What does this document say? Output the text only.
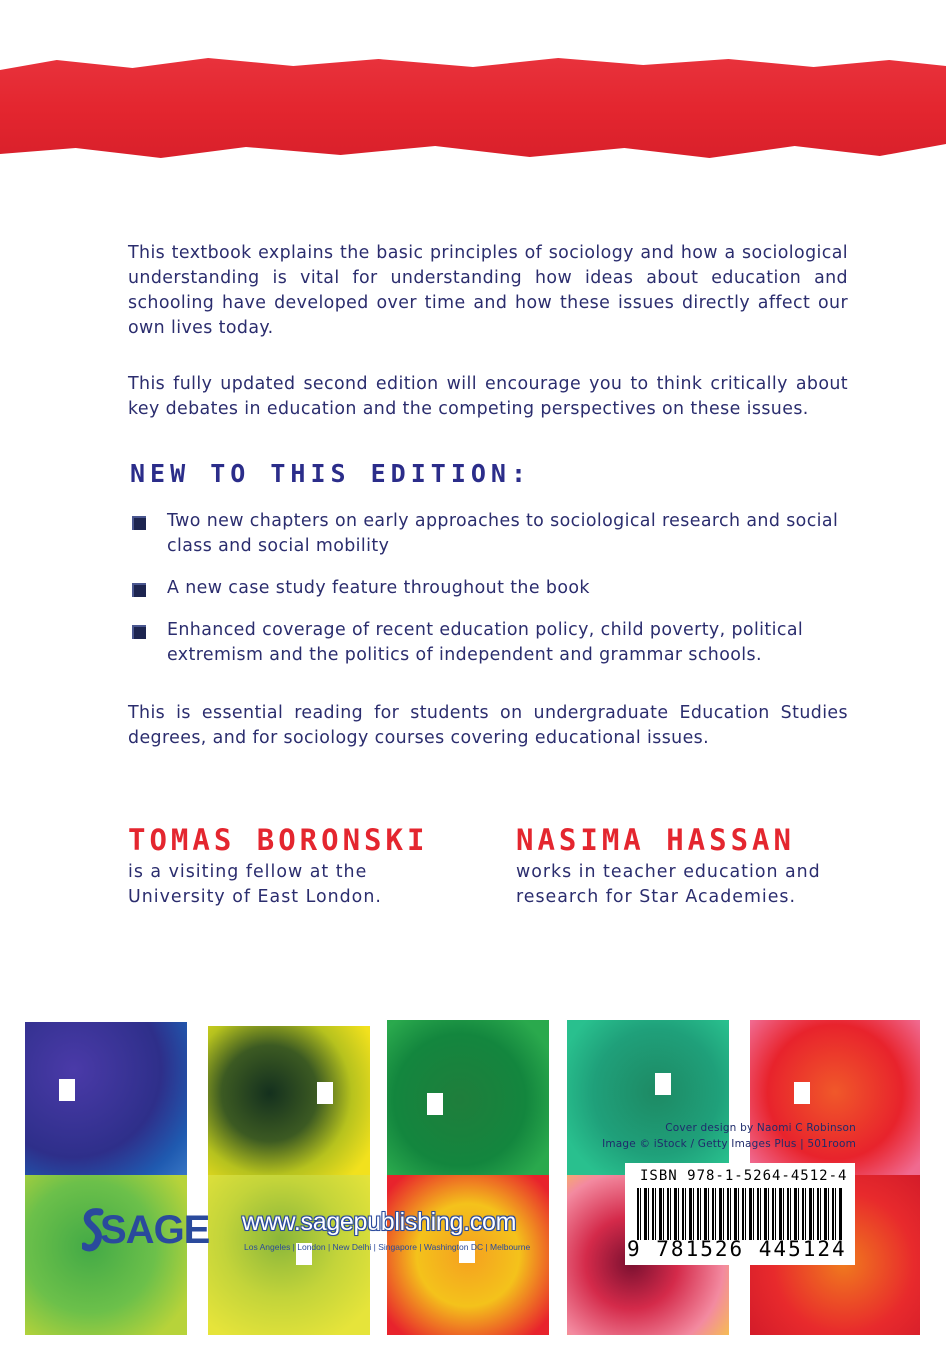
This textbook explains the basic principles of sociology and how a sociological understanding is vital for understanding how ideas about education and schooling have developed over time and how these issues directly affect our own lives today.

This fully updated second edition will encourage you to think critically about key debates in education and the competing perspectives on these issues.

NEW TO THIS EDITION:
Two new chapters on early approaches to sociological research and social class and social mobility
A new case study feature throughout the book
Enhanced coverage of recent education policy, child poverty, political extremism and the politics of independent and grammar schools.

This is essential reading for students on undergraduate Education Studies degrees, and for sociology courses covering educational issues.

TOMAS BORONSKI

is a visiting fellow at the University of East London.

NASIMA HASSAN

works in teacher education and research for Star Academies.

Cover design by Naomi C Robinson

Image © iStock / Getty Images Plus | 501room

ISBN 978-1-5264-4512-4

9 781526 445124

SAGE www.sagepublishing.com

Los Angeles | London | New Delhi | Singapore | Washington DC | Melbourne
